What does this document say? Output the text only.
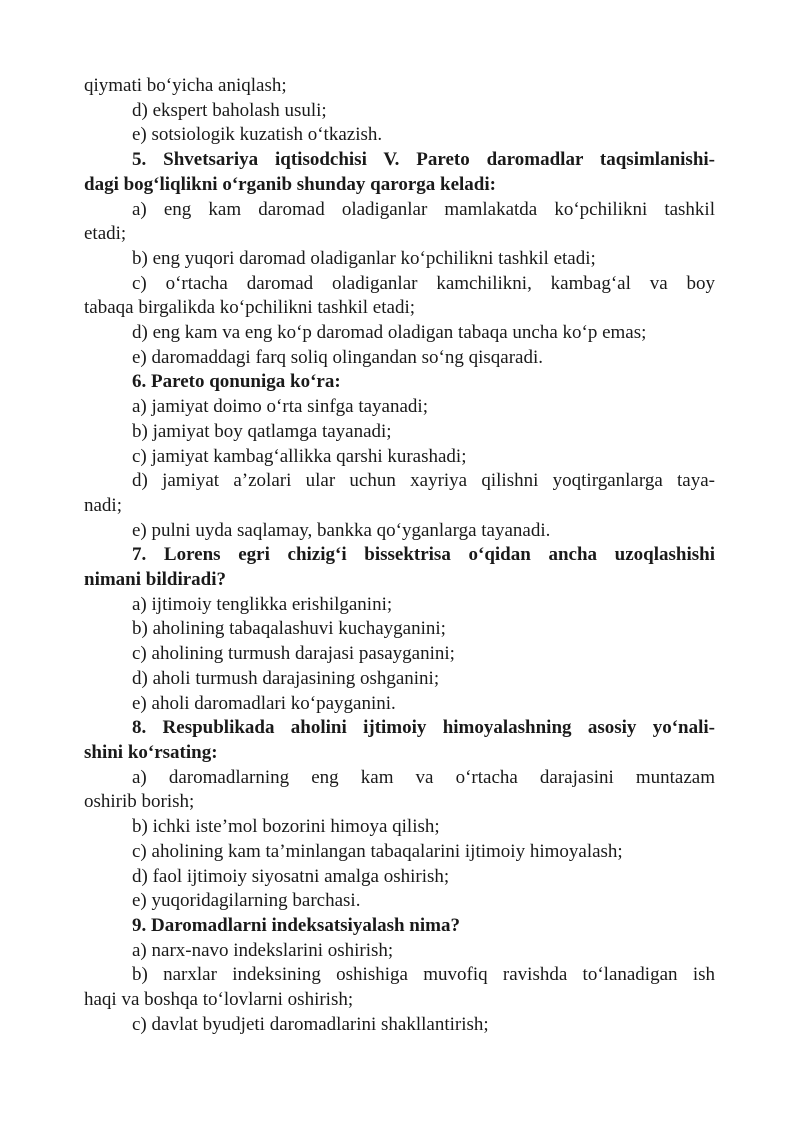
qiymati bo‘yicha aniqlash;
d) ekspert baholash usuli;
e) sotsiologik kuzatish o‘tkazish.
5. Shvetsariya iqtisodchisi V. Pareto daromadlar taqsimlanishi-
dagi bog‘liqlikni o‘rganib shunday qarorga keladi:
a) eng kam daromad oladiganlar mamlakatda ko‘pchilikni tashkil
etadi;
b) eng yuqori daromad oladiganlar ko‘pchilikni tashkil etadi;
c) o‘rtacha daromad oladiganlar kamchilikni, kambag‘al va boy
tabaqa birgalikda ko‘pchilikni tashkil etadi;
d) eng kam va eng ko‘p daromad oladigan tabaqa uncha ko‘p emas;
e) daromaddagi farq soliq olingandan so‘ng qisqaradi.
6. Pareto qonuniga ko‘ra:
a) jamiyat doimo o‘rta sinfga tayanadi;
b) jamiyat boy qatlamga tayanadi;
c) jamiyat kambag‘allikka qarshi kurashadi;
d) jamiyat a’zolari ular uchun xayriya qilishni yoqtirganlarga taya-
nadi;
e) pulni uyda saqlamay, bankka qo‘yganlarga tayanadi.
7. Lorens egri chizig‘i bissektrisa o‘qidan ancha uzoqlashishi
nimani bildiradi?
a) ijtimoiy tenglikka erishilganini;
b) aholining tabaqalashuvi kuchayganini;
c) aholining turmush darajasi pasayganini;
d) aholi turmush darajasining oshganini;
e) aholi daromadlari ko‘payganini.
8. Respublikada aholini ijtimoiy himoyalashning asosiy yo‘nali-
shini ko‘rsating:
a) daromadlarning eng kam va o‘rtacha darajasini muntazam
oshirib borish;
b) ichki iste’mol bozorini himoya qilish;
c) aholining kam ta’minlangan tabaqalarini ijtimoiy himoyalash;
d) faol ijtimoiy siyosatni amalga oshirish;
e) yuqoridagilarning barchasi.
9. Daromadlarni indeksatsiyalash nima?
a) narx-navo indekslarini oshirish;
b) narxlar indeksining oshishiga muvofiq ravishda to‘lanadigan ish
haqi va boshqa to‘lovlarni oshirish;
c) davlat byudjeti daromadlarini shakllantirish;
